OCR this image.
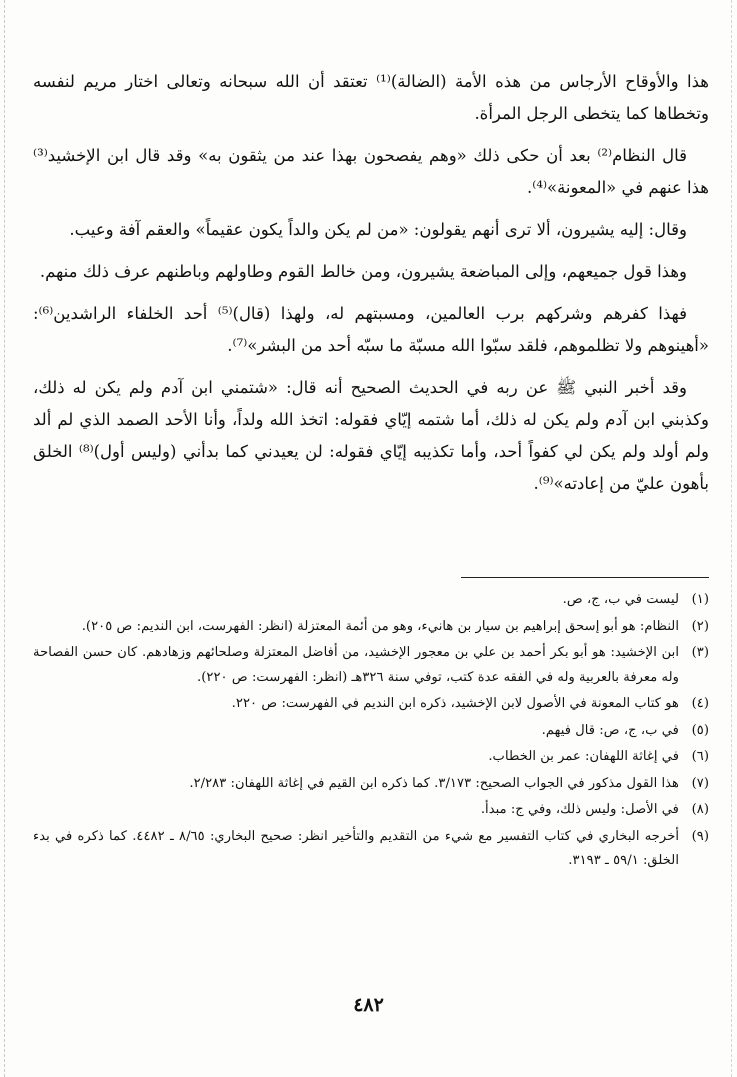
هذا والأوقاح الأرجاس من هذه الأمة (الضالة)⁽¹⁾ تعتقد أن الله سبحانه وتعالى اختار مريم لنفسه وتخطاها كما يتخطى الرجل المرأة.

قال النظام⁽²⁾ بعد أن حكى ذلك «وهم يفصحون بهذا عند من يثقون به» وقد قال ابن الإخشيد⁽³⁾ هذا عنهم في «المعونة»⁽⁴⁾.

وقال: إليه يشيرون، ألا ترى أنهم يقولون: «من لم يكن والداً يكون عقيماً» والعقم آفة وعيب.

وهذا قول جميعهم، وإلى المباضعة يشيرون، ومن خالط القوم وطاولهم وباطنهم عرف ذلك منهم.

فهذا كفرهم وشركهم برب العالمين، ومسبتهم له، ولهذا (قال)⁽⁵⁾ أحد الخلفاء الراشدين⁽⁶⁾: «أهينوهم ولا تظلموهم، فلقد سبّوا الله مسبّة ما سبّه أحد من البشر»⁽⁷⁾.

وقد أخبر النبي ﷺ عن ربه في الحديث الصحيح أنه قال: «شتمني ابن آدم ولم يكن له ذلك، وكذبني ابن آدم ولم يكن له ذلك، أما شتمه إيّاي فقوله: اتخذ الله ولداً، وأنا الأحد الصمد الذي لم ألد ولم أولد ولم يكن لي كفواً أحد، وأما تكذيبه إيّاي فقوله: لن يعيدني كما بدأني (وليس أول)⁽⁸⁾ الخلق بأهون عليّ من إعادته»⁽⁹⁾.

(١)
ليست في ب، ج، ص.
(٢)
النظام: هو أبو إسحق إبراهيم بن سيار بن هانيء، وهو من أئمة المعتزلة (انظر: الفهرست، ابن النديم: ص ٢٠٥).
(٣)
ابن الإخشيد: هو أبو بكر أحمد بن علي بن معجور الإخشيد، من أفاضل المعتزلة وصلحائهم وزهادهم. كان حسن الفصاحة وله معرفة بالعربية وله في الفقه عدة كتب، توفي سنة ٣٢٦هـ (انظر: الفهرست: ص ٢٢٠).
(٤)
هو كتاب المعونة في الأصول لابن الإخشيد، ذكره ابن النديم في الفهرست: ص ٢٢٠.
(٥)
في ب، ج، ص: قال فيهم.
(٦)
في إغاثة اللهفان: عمر بن الخطاب.
(٧)
هذا القول مذكور في الجواب الصحيح: ٣/١٧٣. كما ذكره ابن القيم في إغاثة اللهفان: ٢/٢٨٣.
(٨)
في الأصل: وليس ذلك، وفي ج: مبدأ.
(٩)
أخرجه البخاري في كتاب التفسير مع شيء من التقديم والتأخير انظر: صحيح البخاري: ٨/٦٥ ـ ٤٤٨٢. كما ذكره في بدء الخلق: ٥٩/١ ـ ٣١٩٣.
٤٨٢
